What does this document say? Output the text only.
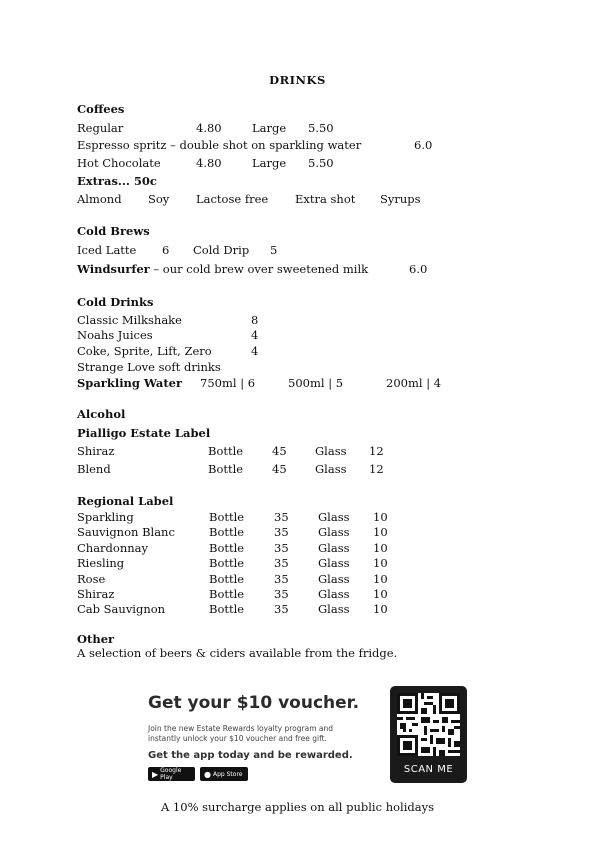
DRINKS
Coffees
Regular	4.80	Large 5.50
Espresso spritz – double shot on sparkling water	6.0
Hot Chocolate	4.80	Large 5.50
Extras... 50c
Almond Soy Lactose free Extra shot Syrups
Cold Brews
Iced Latte 6 Cold Drip 5
Windsurfer – our cold brew over sweetened milk	6.0
Cold Drinks
Classic Milkshake	8
Noahs Juices	4
Coke, Sprite, Lift, Zero	4
Strange Love soft drinks
Sparkling Water 750ml | 6	500ml | 5	200ml | 4
Alcohol
Pialligo Estate Label
Shiraz	Bottle	45 Glass 12
Blend	Bottle	45 Glass 12
Regional Label
Sparkling	Bottle	35	Glass 10
Sauvignon Blanc	Bottle	35	Glass 10
Chardonnay	Bottle	35	Glass 10
Riesling	Bottle	35	Glass 10
Rose	Bottle	35	Glass 10
Shiraz	Bottle	35	Glass 10
Cab Sauvignon	Bottle	35	Glass 10
Other
A selection of beers & ciders available from the fridge.
Get your $10 voucher.
Join the new Estate Rewards loyalty program and
instantly unlock your $10 voucher and free gift.
Get the app today and be rewarded.
▶ Google Play	● App Store	SCAN ME
A 10% surcharge applies on all public holidays
